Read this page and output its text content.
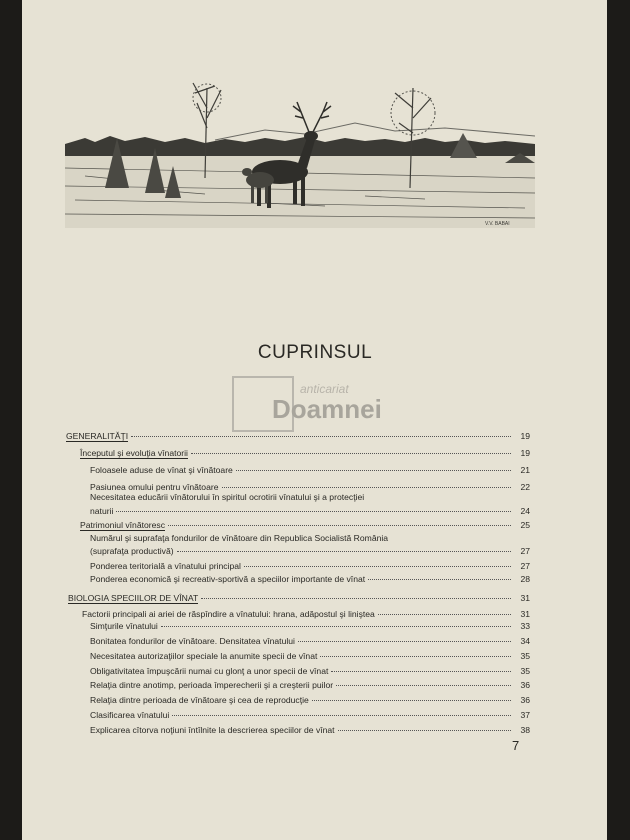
V.V. BABAI
CUPRINSUL
anticariat
Doamnei
GENERALITĂŢI	19
Începutul şi evoluţia vînatorii	19
Foloasele aduse de vînat şi vînătoare	21
Pasiunea omului pentru vînătoare	22
Necesitatea educării vînătorului în spiritul ocrotirii vînatului şi a protecţiei
naturii	24
Patrimoniul vînătoresc	25
Numărul şi suprafaţa fondurilor de vînătoare din Republica Socialistă România
(suprafaţa productivă)	27
Ponderea teritorială a vînatului principal	27
Ponderea economică şi recreativ-sportivă a speciilor importante de vînat	28
BIOLOGIA SPECIILOR DE VÎNAT	31
Factorii principali ai ariei de răspîndire a vînatului: hrana, adăpostul şi liniştea	31
Simţurile vînatului	33
Bonitatea fondurilor de vînătoare. Densitatea vînatului	34
Necesitatea autorizaţiilor speciale la anumite specii de vînat	35
Obligativitatea împuşcării numai cu glonţ a unor specii de vînat	35
Relaţia dintre anotimp, perioada împerecherii şi a creşterii puilor	36
Relaţia dintre perioada de vînătoare şi cea de reproducţie	36
Clasificarea vînatului	37
Explicarea cîtorva noţiuni întîlnite la descrierea speciilor de vînat	38
7
